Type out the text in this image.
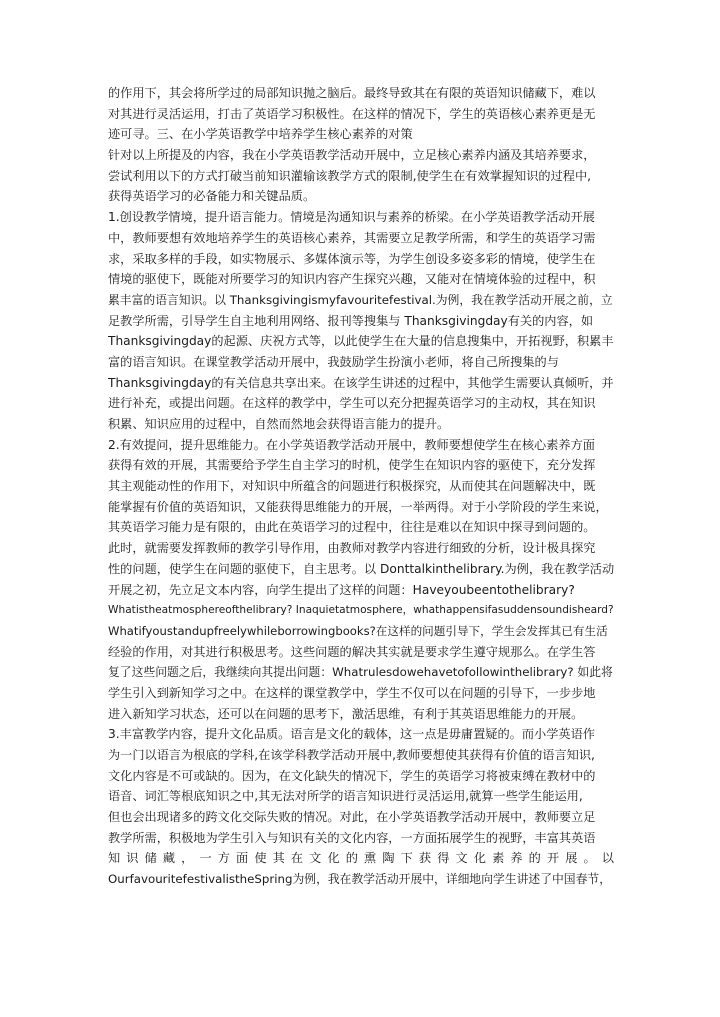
的作用下，其会将所学过的局部知识抛之脑后。最终导致其在有限的英语知识储藏下，难以
对其进行灵活运用，打击了英语学习积极性。在这样的情况下，学生的英语核心素养更是无
迹可寻。三、在小学英语教学中培养学生核心素养的对策
针对以上所提及的内容，我在小学英语教学活动开展中，立足核心素养内涵及其培养要求，
尝试利用以下的方式打破当前知识灌输该教学方式的限制,使学生在有效掌握知识的过程中,
获得英语学习的必备能力和关键品质。
1.创设教学情境，提升语言能力。情境是沟通知识与素养的桥梁。在小学英语教学活动开展
中，教师要想有效地培养学生的英语核心素养，其需要立足教学所需，和学生的英语学习需
求，采取多样的手段，如实物展示、多媒体演示等，为学生创设多姿多彩的情境，使学生在
情境的驱使下，既能对所要学习的知识内容产生探究兴趣，又能对在情境体验的过程中，积
累丰富的语言知识。以 Thanksgivingismyfavouritefestival.为例，我在教学活动开展之前，立
足教学所需，引导学生自主地利用网络、报刊等搜集与 Thanksgivingday有关的内容，如
Thanksgivingday的起源、庆祝方式等，以此使学生在大量的信息搜集中，开拓视野，积累丰
富的语言知识。在课堂教学活动开展中，我鼓励学生扮演小老师，将自己所搜集的与
Thanksgivingday的有关信息共享出来。在该学生讲述的过程中，其他学生需要认真倾听，并
进行补充，或提出问题。在这样的教学中，学生可以充分把握英语学习的主动权，其在知识
积累、知识应用的过程中，自然而然地会获得语言能力的提升。
2.有效提问，提升思维能力。在小学英语教学活动开展中，教师要想使学生在核心素养方面
获得有效的开展，其需要给予学生自主学习的时机，使学生在知识内容的驱使下，充分发挥
其主观能动性的作用下，对知识中所蕴含的问题进行积极探究，从而使其在问题解决中，既
能掌握有价值的英语知识，又能获得思维能力的开展，一举两得。对于小学阶段的学生来说，
其英语学习能力是有限的，由此在英语学习的过程中，往往是难以在知识中探寻到问题的。
此时，就需要发挥教师的教学引导作用，由教师对教学内容进行细致的分析，设计极具探究
性的问题，使学生在问题的驱使下，自主思考。以 Donttalkinthelibrary.为例，我在教学活动
开展之初，先立足文本内容，向学生提出了这样的问题：Haveyoubeentothelibrary?
Whatistheatmosphereofthelibrary? Inaquietatmosphere，whathappensifasuddensoundisheard?
Whatifyoustandupfreelywhileborrowingbooks?在这样的问题引导下，学生会发挥其已有生活
经验的作用，对其进行积极思考。这些问题的解决其实就是要求学生遵守规那么。在学生答
复了这些问题之后，我继续向其提出问题：Whatrulesdowehavetofollowinthelibrary? 如此将
学生引入到新知学习之中。在这样的课堂教学中，学生不仅可以在问题的引导下，一步步地
进入新知学习状态，还可以在问题的思考下，激活思维，有利于其英语思维能力的开展。
3.丰富教学内容，提升文化品质。语言是文化的载体，这一点是毋庸置疑的。而小学英语作
为一门以语言为根底的学科,在该学科教学活动开展中,教师要想使其获得有价值的语言知识,
文化内容是不可或缺的。因为，在文化缺失的情况下，学生的英语学习将被束缚在教材中的
语音、词汇等根底知识之中,其无法对所学的语言知识进行灵活运用,就算一些学生能运用,
但也会出现诸多的跨文化交际失败的情况。对此，在小学英语教学活动开展中，教师要立足
教学所需，积极地为学生引入与知识有关的文化内容，一方面拓展学生的视野，丰富其英语
知识储藏，一方面使其在文化的熏陶下获得文化素养的开展。以
OurfavouritefestivalistheSpring为例，我在教学活动开展中，详细地向学生讲述了中国春节，
